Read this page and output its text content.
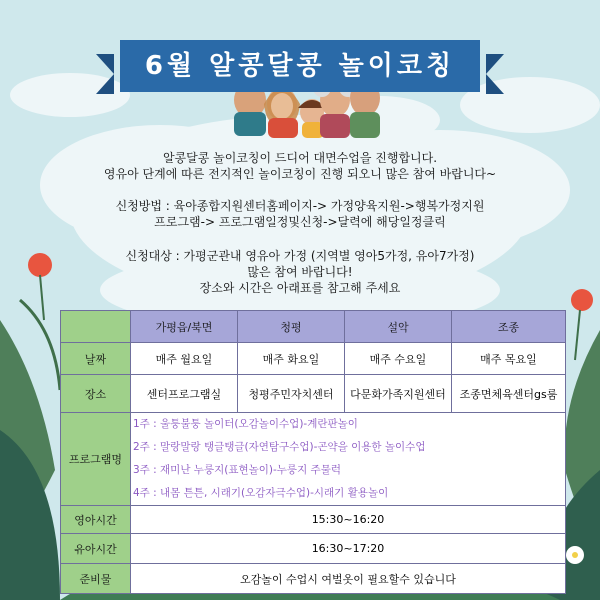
6월 알콩달콩 놀이코칭
알콩달콩 놀이코칭이 드디어 대면수업을 진행합니다.
영유아 단계에 따른 전지적인 놀이코칭이 진행 되오니 많은 참여 바랍니다~
신청방법 : 육아종합지원센터홈페이지-> 가정양육지원->행복가정지원
프로그램-> 프로그램일정및신청->달력에 해당일정클릭
신청대상 : 가평군관내 영유아 가정 (지역별 영아5가정, 유아7가정)
많은 참여 바랍니다!
장소와 시간은 아래표를 참고해 주세요
	가평읍/북면	청평	설악	조종
날짜	매주 월요일	매주 화요일	매주 수요일	매주 목요일
장소	센터프로그램실	청평주민자치센터	다문화가족지원센터	조종면체육센터gs룸
프로그램명	1주 : 울퉁불퉁 놀이터(오감놀이수업)-계란판놀이
2주 : 말랑말랑 탱글탱글(자연탐구수업)-곤약을 이용한 놀이수업
3주 : 재미난 누룽지(표현놀이)-누룽지 주물럭
4주 : 내몸 튼튼, 시래기(오감자극수업)-시래기 활용놀이			

영아시간	15:30~16:20			
유아시간	16:30~17:20			
준비물	오감놀이 수업시 여벌옷이 필요할수 있습니다			
